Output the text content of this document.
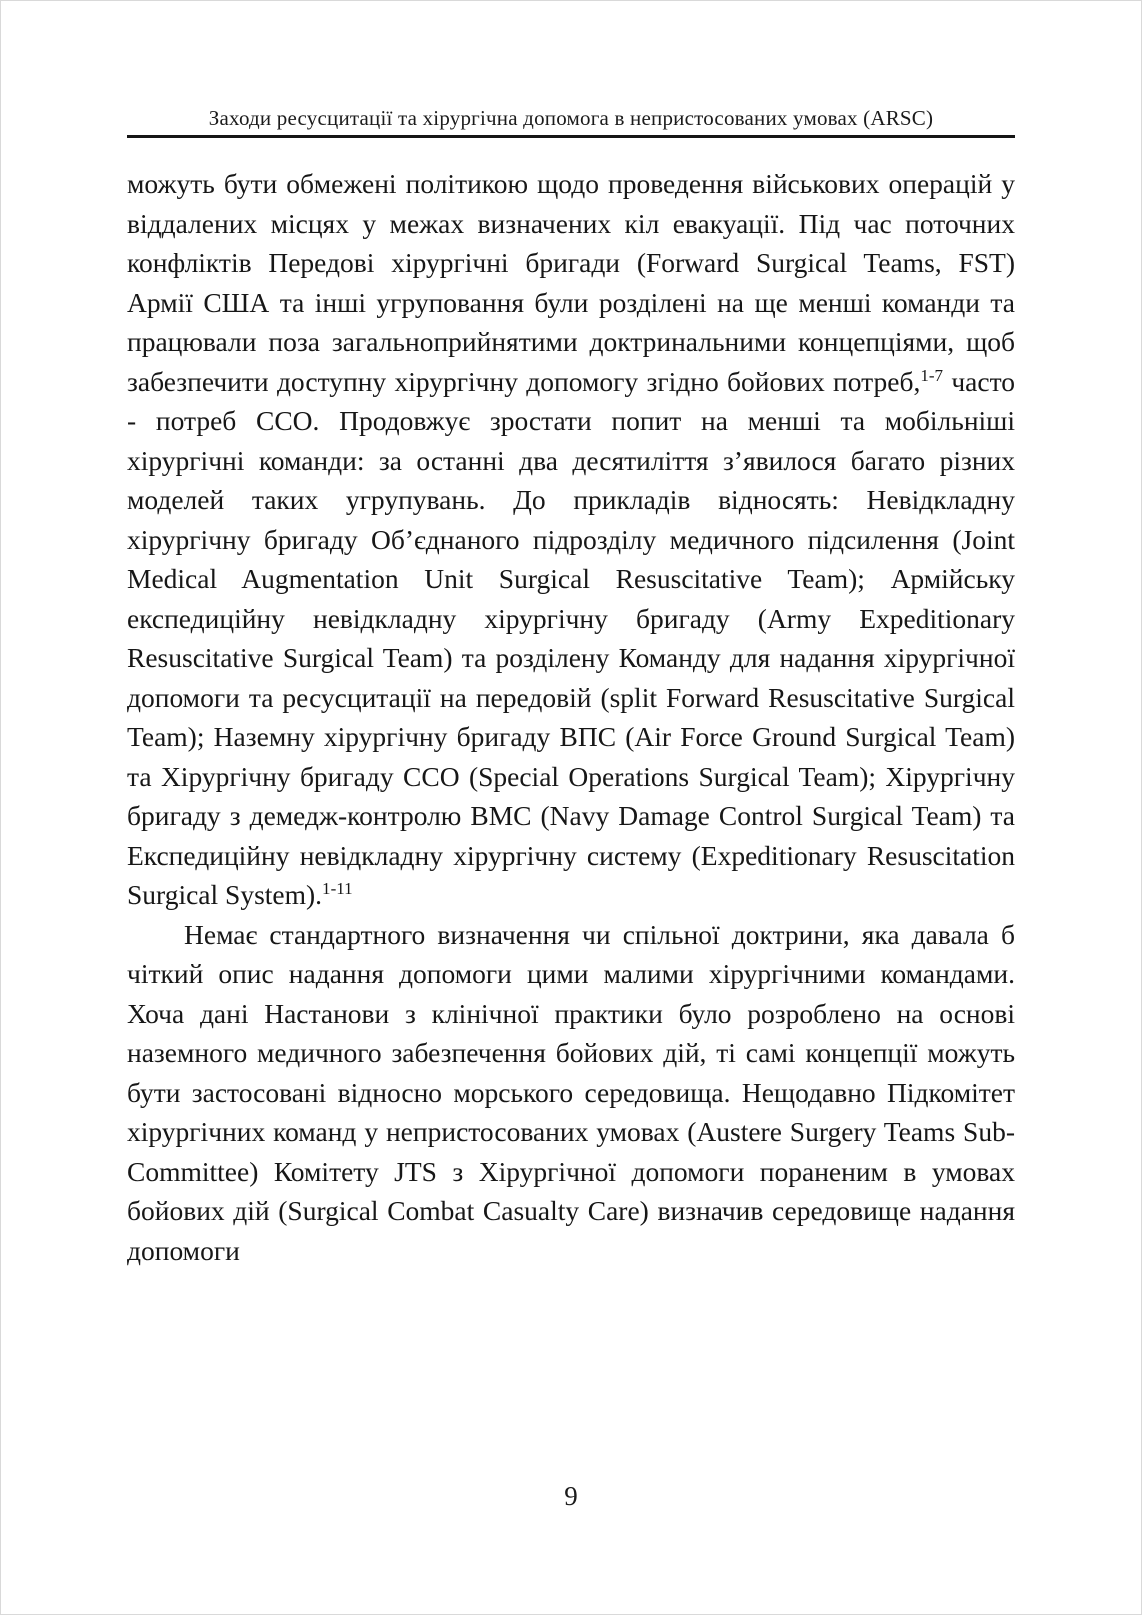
Заходи ресусцитації та хірургічна допомога в непристосованих умовах (ARSC)

можуть бути обмежені політикою щодо проведення військових операцій у віддалених місцях у межах визначених кіл евакуації. Під час поточних конфліктів Передові хірургічні бригади (Forward Surgical Teams, FST) Армії США та інші угруповання були розділені на ще менші команди та працювали поза загальноприйнятими доктринальними концепціями, щоб забезпечити доступну хірургічну допомогу згідно бойових потреб,$^{1-7}$ часто - потреб ССО. Продовжує зростати попит на менші та мобільніші хірургічні команди: за останні два десятиліття з’явилося багато різних моделей таких угрупувань. До прикладів відносять: Невідкладну хірургічну бригаду Об’єднаного підрозділу медичного підсилення (Joint Medical Augmentation Unit Surgical Resuscitative Team); Армійську експедиційну невідкладну хірургічну бригаду (Army Expeditionary Resuscitative Surgical Team) та розділену Команду для надання хірургічної допомоги та ресусцитації на передовій (split Forward Resuscitative Surgical Team); Наземну хірургічну бригаду ВПС (Air Force Ground Surgical Team) та Хірургічну бригаду ССО (Special Operations Surgical Team); Хірургічну бригаду з демедж-контролю ВМС (Navy Damage Control Surgical Team) та Експедиційну невідкладну хірургічну систему (Expeditionary Resuscitation Surgical System).$^{1-11}$

Немає стандартного визначення чи спільної доктрини, яка давала б чіткий опис надання допомоги цими малими хірургічними командами. Хоча дані Настанови з клінічної практики було розроблено на основі наземного медичного забезпечення бойових дій, ті самі концепції можуть бути застосовані відносно морського середовища. Нещодавно Підкомітет хірургічних команд у непристосованих умовах (Austere Surgery Teams Sub-Committee) Комітету JTS з Хірургічної допомоги пораненим в умовах бойових дій (Surgical Combat Casualty Care) визначив середовище надання допомоги

9
